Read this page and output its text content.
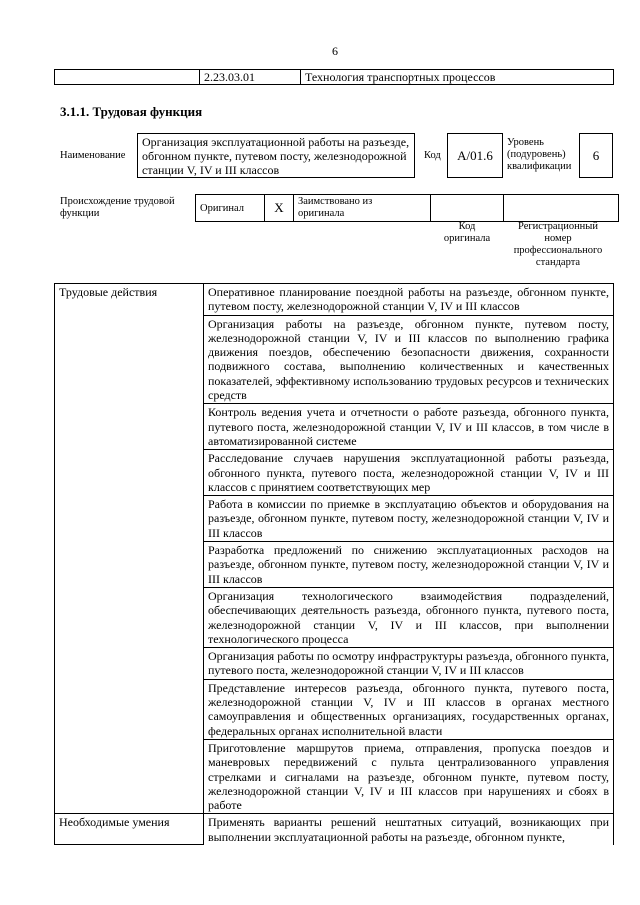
6
	2.23.03.01	Технология транспортных процессов
3.1.1. Трудовая функция
Наименование
Организация эксплуатационной работы на разъезде, обгонном пункте, путевом посту, железнодорожной станции V, IV и III классов
Код	A/01.6
Уровень
(подуровень)
квалификации
6
Происхождение трудовой
функции	Оригинал	X	Заимствовано из
оригинала

Код
оригинала
Регистрационный
номер
профессионального
стандарта
Трудовые действия	Оперативное планирование поездной работы на разъезде, обгонном пункте, путевом посту, железнодорожной станции V, IV и III классов
	Организация работы на разъезде, обгонном пункте, путевом посту, железнодорожной станции V, IV и III классов по выполнению графика движения поездов, обеспечению безопасности движения, сохранности подвижного состава, выполнению количественных и качественных показателей, эффективному использованию трудовых ресурсов и технических средств
	Контроль ведения учета и отчетности о работе разъезда, обгонного пункта, путевого поста, железнодорожной станции V, IV и III классов, в том числе в автоматизированной системе
	Расследование случаев нарушения эксплуатационной работы разъезда, обгонного пункта, путевого поста, железнодорожной станции V, IV и III классов с принятием соответствующих мер
	Работа в комиссии по приемке в эксплуатацию объектов и оборудования на разъезде, обгонном пункте, путевом посту, железнодорожной станции V, IV и III классов
	Разработка предложений по снижению эксплуатационных расходов на разъезде, обгонном пункте, путевом посту, железнодорожной станции V, IV и III классов
	Организация технологического взаимодействия подразделений, обеспечивающих деятельность разъезда, обгонного пункта, путевого поста, железнодорожной станции V, IV и III классов, при выполнении технологического процесса
	Организация работы по осмотру инфраструктуры разъезда, обгонного пункта, путевого поста, железнодорожной станции V, IV и III классов
	Представление интересов разъезда, обгонного пункта, путевого поста, железнодорожной станции V, IV и III классов в органах местного самоуправления и общественных организациях, государственных органах, федеральных органах исполнительной власти
	Приготовление маршрутов приема, отправления, пропуска поездов и маневровых передвижений с пульта централизованного управления стрелками и сигналами на разъезде, обгонном пункте, путевом посту, железнодорожной станции V, IV и III классов при нарушениях и сбоях в работе
Необходимые умения	Применять варианты решений нештатных ситуаций, возникающих при выполнении эксплуатационной работы на разъезде, обгонном пункте,
